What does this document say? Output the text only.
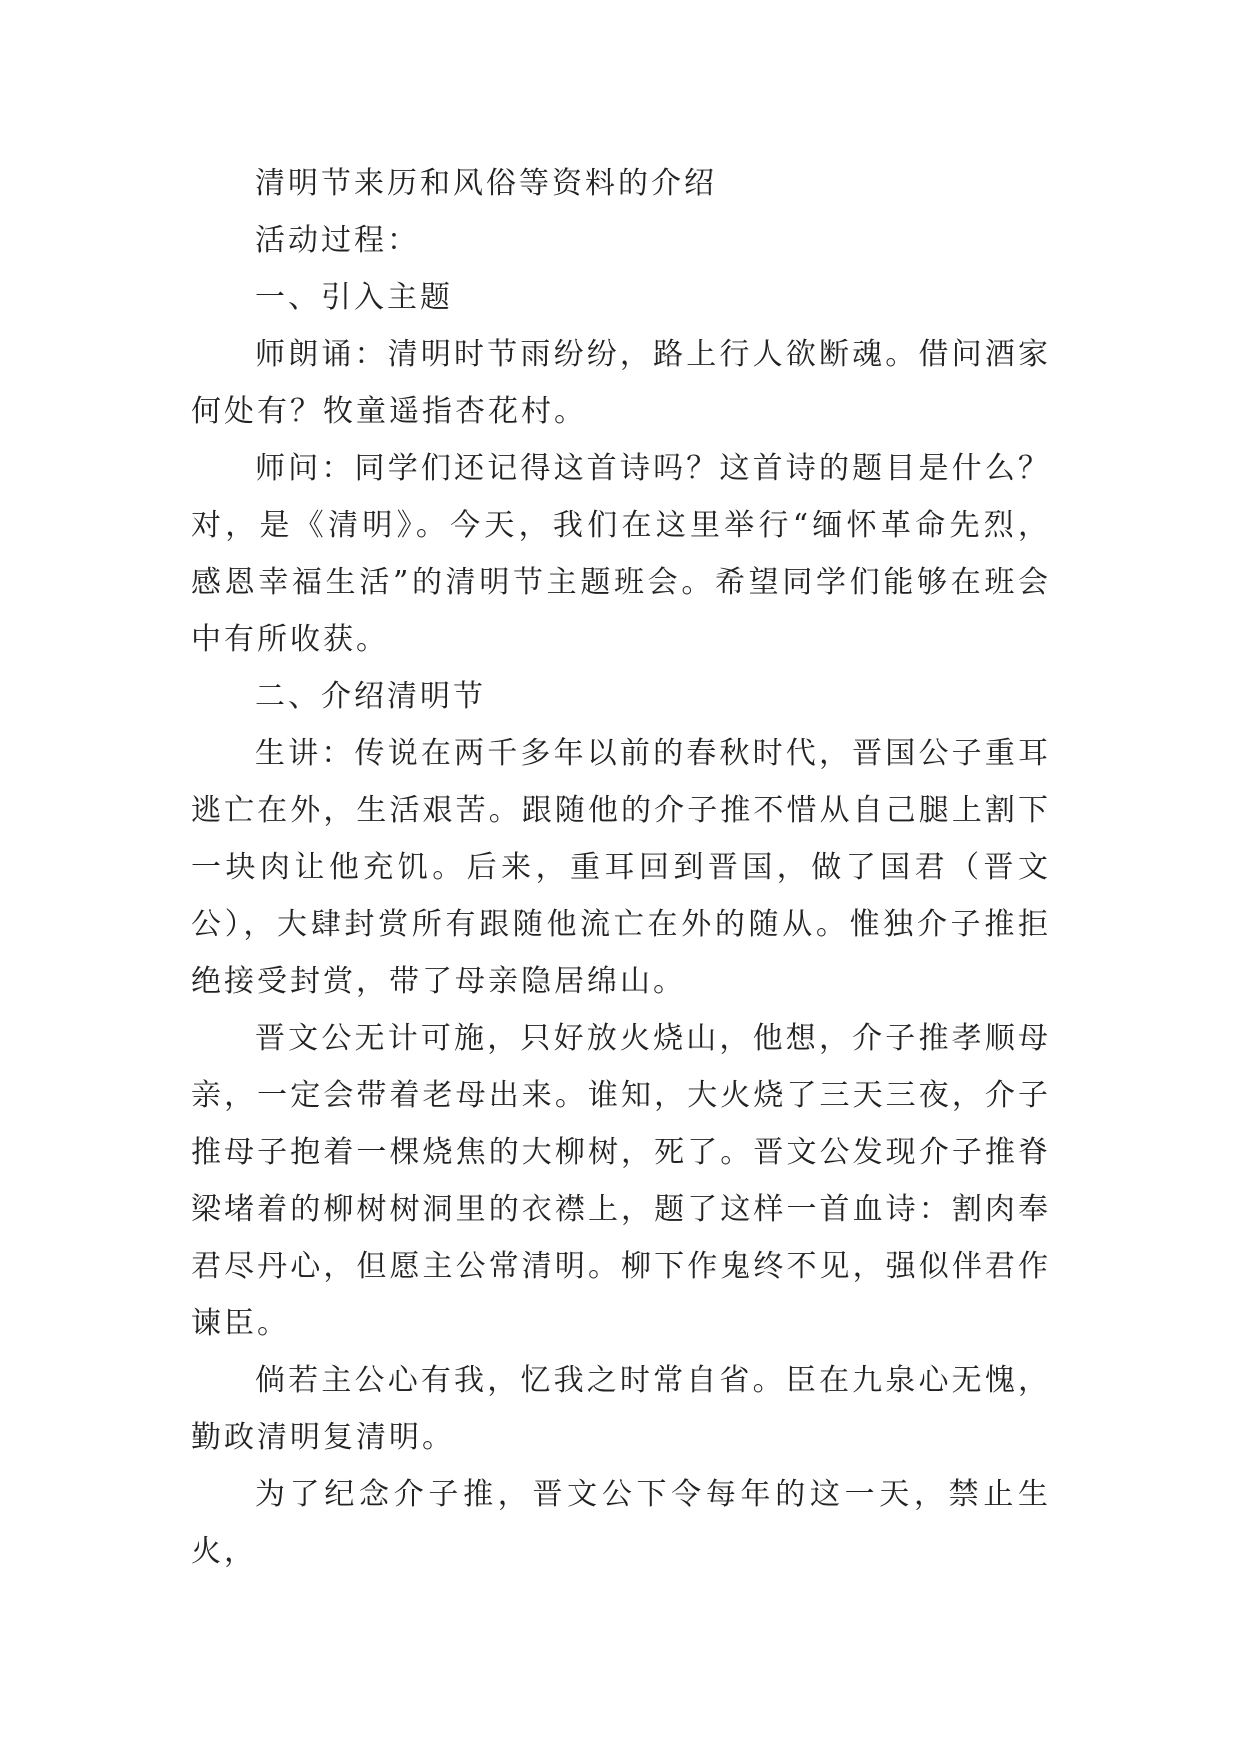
清明节来历和风俗等资料的介绍

活动过程：

一、引入主题

师朗诵：清明时节雨纷纷，路上行人欲断魂。借问酒家何处有？牧童遥指杏花村。

师问：同学们还记得这首诗吗？这首诗的题目是什么？对，是《清明》。今天，我们在这里举行“缅怀革命先烈，感恩幸福生活”的清明节主题班会。希望同学们能够在班会中有所收获。

二、介绍清明节

生讲：传说在两千多年以前的春秋时代，晋国公子重耳逃亡在外，生活艰苦。跟随他的介子推不惜从自己腿上割下一块肉让他充饥。后来，重耳回到晋国，做了国君（晋文公），大肆封赏所有跟随他流亡在外的随从。惟独介子推拒绝接受封赏，带了母亲隐居绵山。

晋文公无计可施，只好放火烧山，他想，介子推孝顺母亲，一定会带着老母出来。谁知，大火烧了三天三夜，介子推母子抱着一棵烧焦的大柳树，死了。晋文公发现介子推脊梁堵着的柳树树洞里的衣襟上，题了这样一首血诗：割肉奉君尽丹心，但愿主公常清明。柳下作鬼终不见，强似伴君作谏臣。

倘若主公心有我，忆我之时常自省。臣在九泉心无愧，勤政清明复清明。

为了纪念介子推，晋文公下令每年的这一天，禁止生火，
